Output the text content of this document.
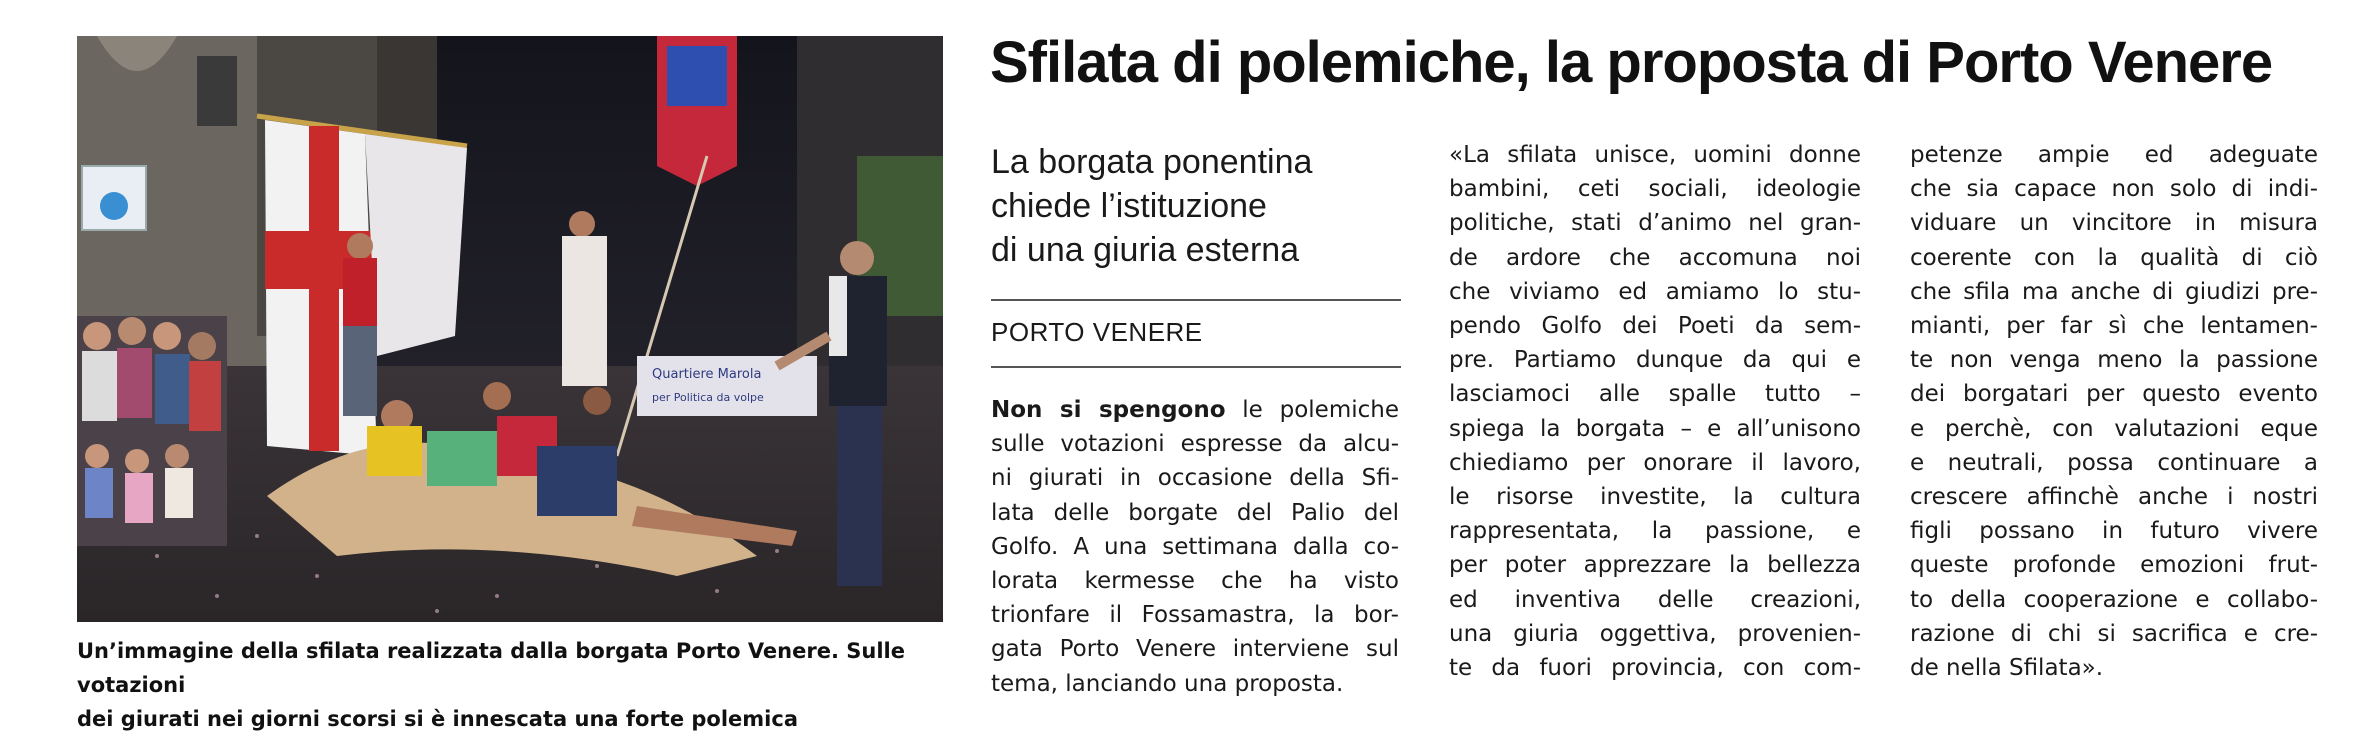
Quartiere Marola
per Politica da volpe
Un’immagine della sfilata realizzata dalla borgata Porto Venere. Sulle votazioni
dei giurati nei giorni scorsi si è innescata una forte polemica
Sfilata di polemiche, la proposta di Porto Venere
La borgata ponentina
chiede l’istituzione
di una giuria esterna
PORTO VENERE
Non si spengono le polemiche
sulle votazioni espresse da alcu-
ni giurati in occasione della Sfi-
lata delle borgate del Palio del
Golfo. A una settimana dalla co-
lorata kermesse che ha visto
trionfare il Fossamastra, la bor-
gata Porto Venere interviene sul
tema, lanciando una proposta.
«La sfilata unisce, uomini donne
bambini, ceti sociali, ideologie
politiche, stati d’animo nel gran-
de ardore che accomuna noi
che viviamo ed amiamo lo stu-
pendo Golfo dei Poeti da sem-
pre. Partiamo dunque da qui e
lasciamoci alle spalle tutto –
spiega la borgata – e all’unisono
chiediamo per onorare il lavoro,
le risorse investite, la cultura
rappresentata, la passione, e
per poter apprezzare la bellezza
ed inventiva delle creazioni,
una giuria oggettiva, provenien-
te da fuori provincia, con com-
petenze ampie ed adeguate
che sia capace non solo di indi-
viduare un vincitore in misura
coerente con la qualità di ciò
che sfila ma anche di giudizi pre-
mianti, per far sì che lentamen-
te non venga meno la passione
dei borgatari per questo evento
e perchè, con valutazioni eque
e neutrali, possa continuare a
crescere affinchè anche i nostri
figli possano in futuro vivere
queste profonde emozioni frut-
to della cooperazione e collabo-
razione di chi si sacrifica e cre-
de nella Sfilata».
